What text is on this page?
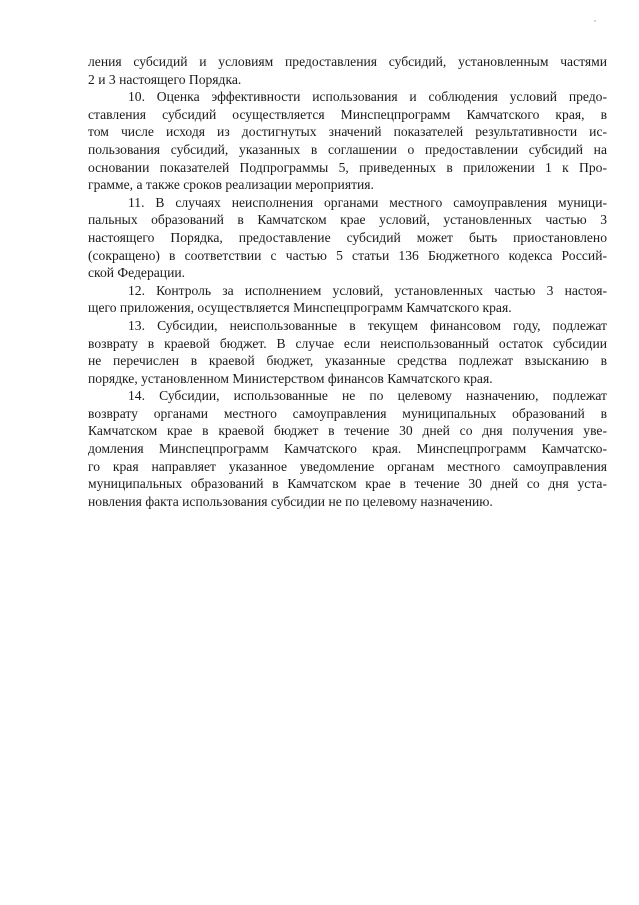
ления субсидий и условиям предоставления субсидий, установленным частями
2 и 3 настоящего Порядка.
10. Оценка эффективности использования и соблюдения условий предо-
ставления субсидий осуществляется Минспецпрограмм Камчатского края, в
том числе исходя из достигнутых значений показателей результативности ис-
пользования субсидий, указанных в соглашении о предоставлении субсидий на
основании показателей Подпрограммы 5, приведенных в приложении 1 к Про-
грамме, а также сроков реализации мероприятия.
11. В случаях неисполнения органами местного самоуправления муници-
пальных образований в Камчатском крае условий, установленных частью 3
настоящего Порядка, предоставление субсидий может быть приостановлено
(сокращено) в соответствии с частью 5 статьи 136 Бюджетного кодекса Россий-
ской Федерации.
12. Контроль за исполнением условий, установленных частью 3 настоя-
щего приложения, осуществляется Минспецпрограмм Камчатского края.
13. Субсидии, неиспользованные в текущем финансовом году, подлежат
возврату в краевой бюджет. В случае если неиспользованный остаток субсидии
не перечислен в краевой бюджет, указанные средства подлежат взысканию в
порядке, установленном Министерством финансов Камчатского края.
14. Субсидии, использованные не по целевому назначению, подлежат
возврату органами местного самоуправления муниципальных образований в
Камчатском крае в краевой бюджет в течение 30 дней со дня получения уве-
домления Минспецпрограмм Камчатского края. Минспецпрограмм Камчатско-
го края направляет указанное уведомление органам местного самоуправления
муниципальных образований в Камчатском крае в течение 30 дней со дня уста-
новления факта использования субсидии не по целевому назначению.
